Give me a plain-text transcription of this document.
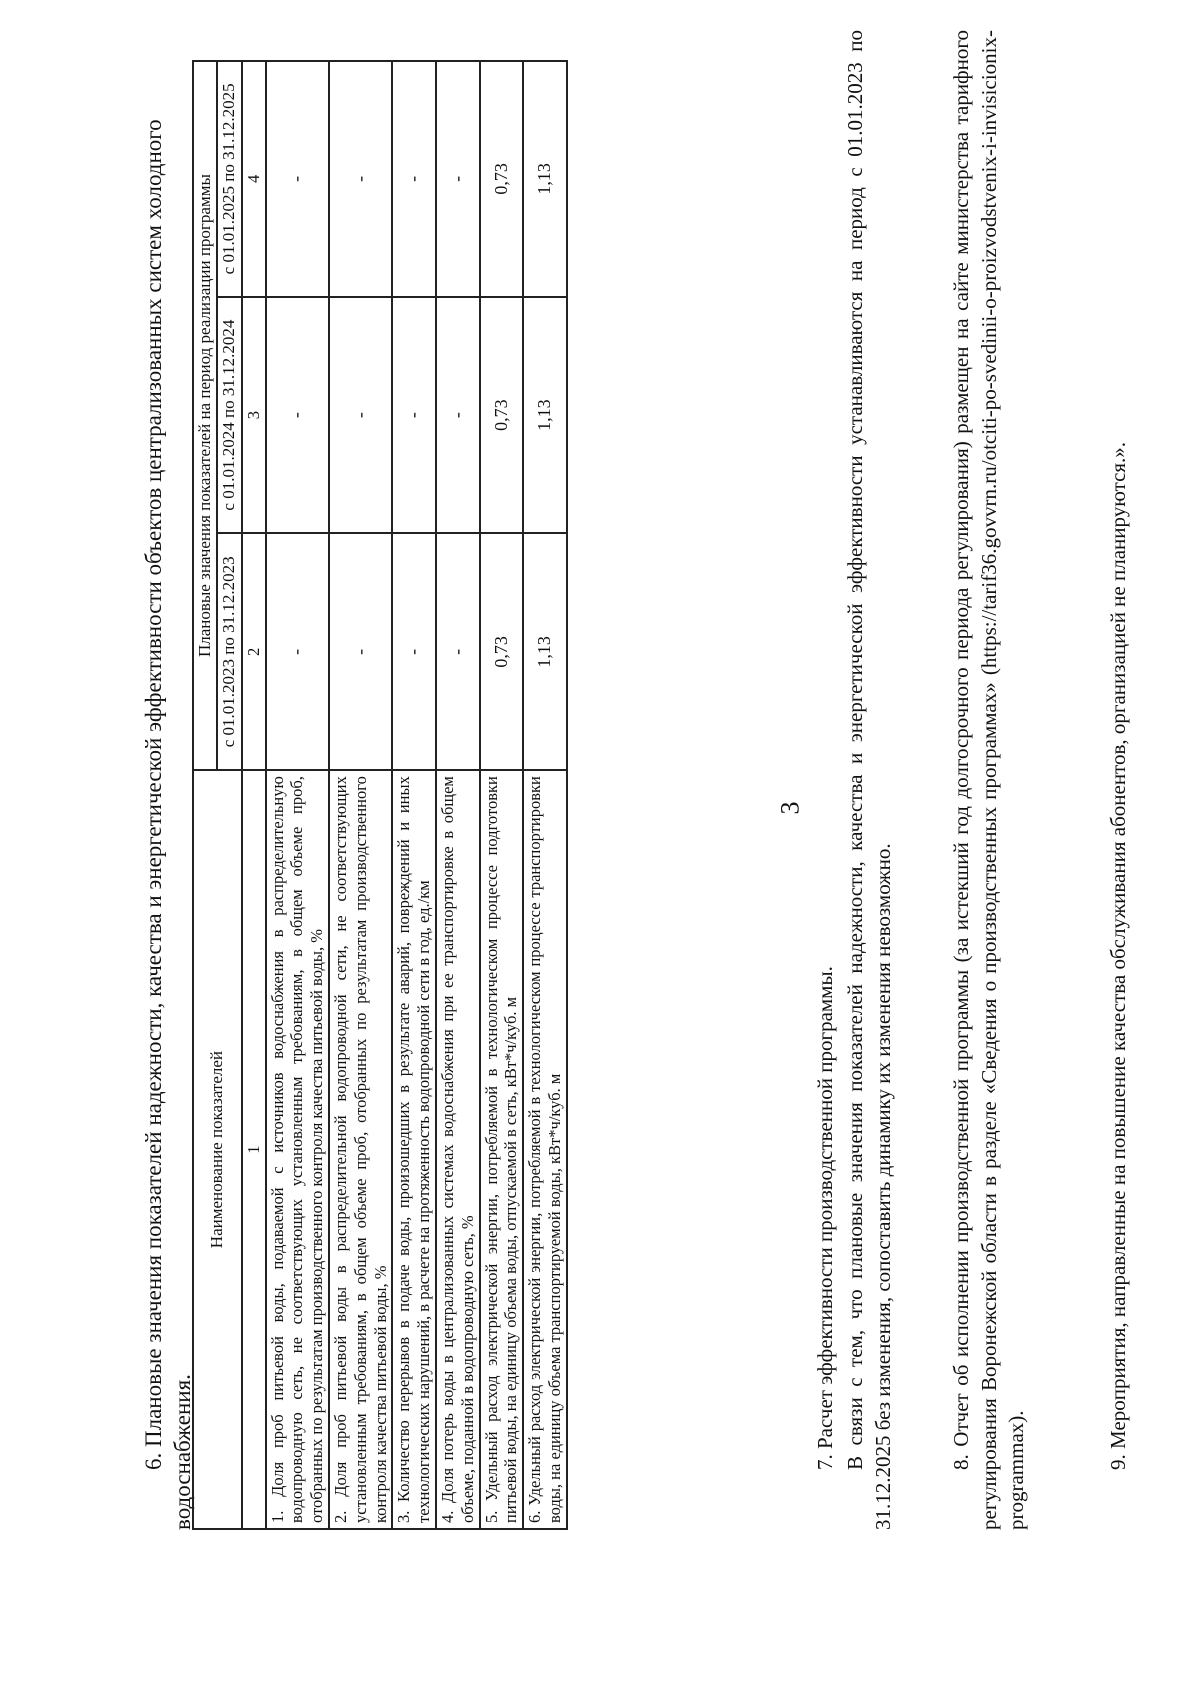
3
6. Плановые значения показателей надежности, качества и энергетической эффективности объектов централизованных систем холодного водоснабжения.
Наименование показателей	Плановые значения показателей на период реализации программы		
	с 01.01.2023 по 31.12.2023	с 01.01.2024 по 31.12.2024	с 01.01.2025 по 31.12.2025
1	2	3	4
1. Доля проб питьевой воды, подаваемой с источников водоснабжения в распределительную водопроводную сеть, не соответствующих установленным требованиям, в общем объеме проб, отобранных по результатам производственного контроля качества питьевой воды, %	-	-	-
2. Доля проб питьевой воды в распределительной водопроводной сети, не соответствующих установленным требованиям, в общем объеме проб, отобранных по результатам производственного контроля качества питьевой воды, %	-	-	-
3. Количество перерывов в подаче воды, произошедших в результате аварий, повреждений и иных технологических нарушений, в расчете на протяженность водопроводной сети в год, ед./км	-	-	-
4. Доля потерь воды в централизованных системах водоснабжения при ее транспортировке в общем объеме, поданной в водопроводную сеть, %	-	-	-
5. Удельный расход электрической энергии, потребляемой в технологическом процессе подготовки питьевой воды, на единицу объема воды, отпускаемой в сеть, кВт*ч/куб. м	0,73	0,73	0,73
6. Удельный расход электрической энергии, потребляемой в технологическом процессе транспортировки воды, на единицу объема транспортируемой воды, кВт*ч/куб. м	1,13	1,13	1,13
7. Расчет эффективности производственной программы. В связи с тем, что плановые значения показателей надежности, качества и энергетической эффективности устанавливаются на период с 01.01.2023 по 31.12.2025 без изменения, сопоставить динамику их изменения невозможно.	8. Отчет об исполнении производственной программы (за истекший год долгосрочного периода регулирования) размещен на сайте министерства тарифного регулирования Воронежской области в разделе «Сведения о производственных программах» (https://tarif36.govvrn.ru/otciti-po-svedinii-o-proizvodstvenix-i-invisicionix-programmax).
9. Мероприятия, направленные на повышение качества обслуживания абонентов, организацией не планируются.».
